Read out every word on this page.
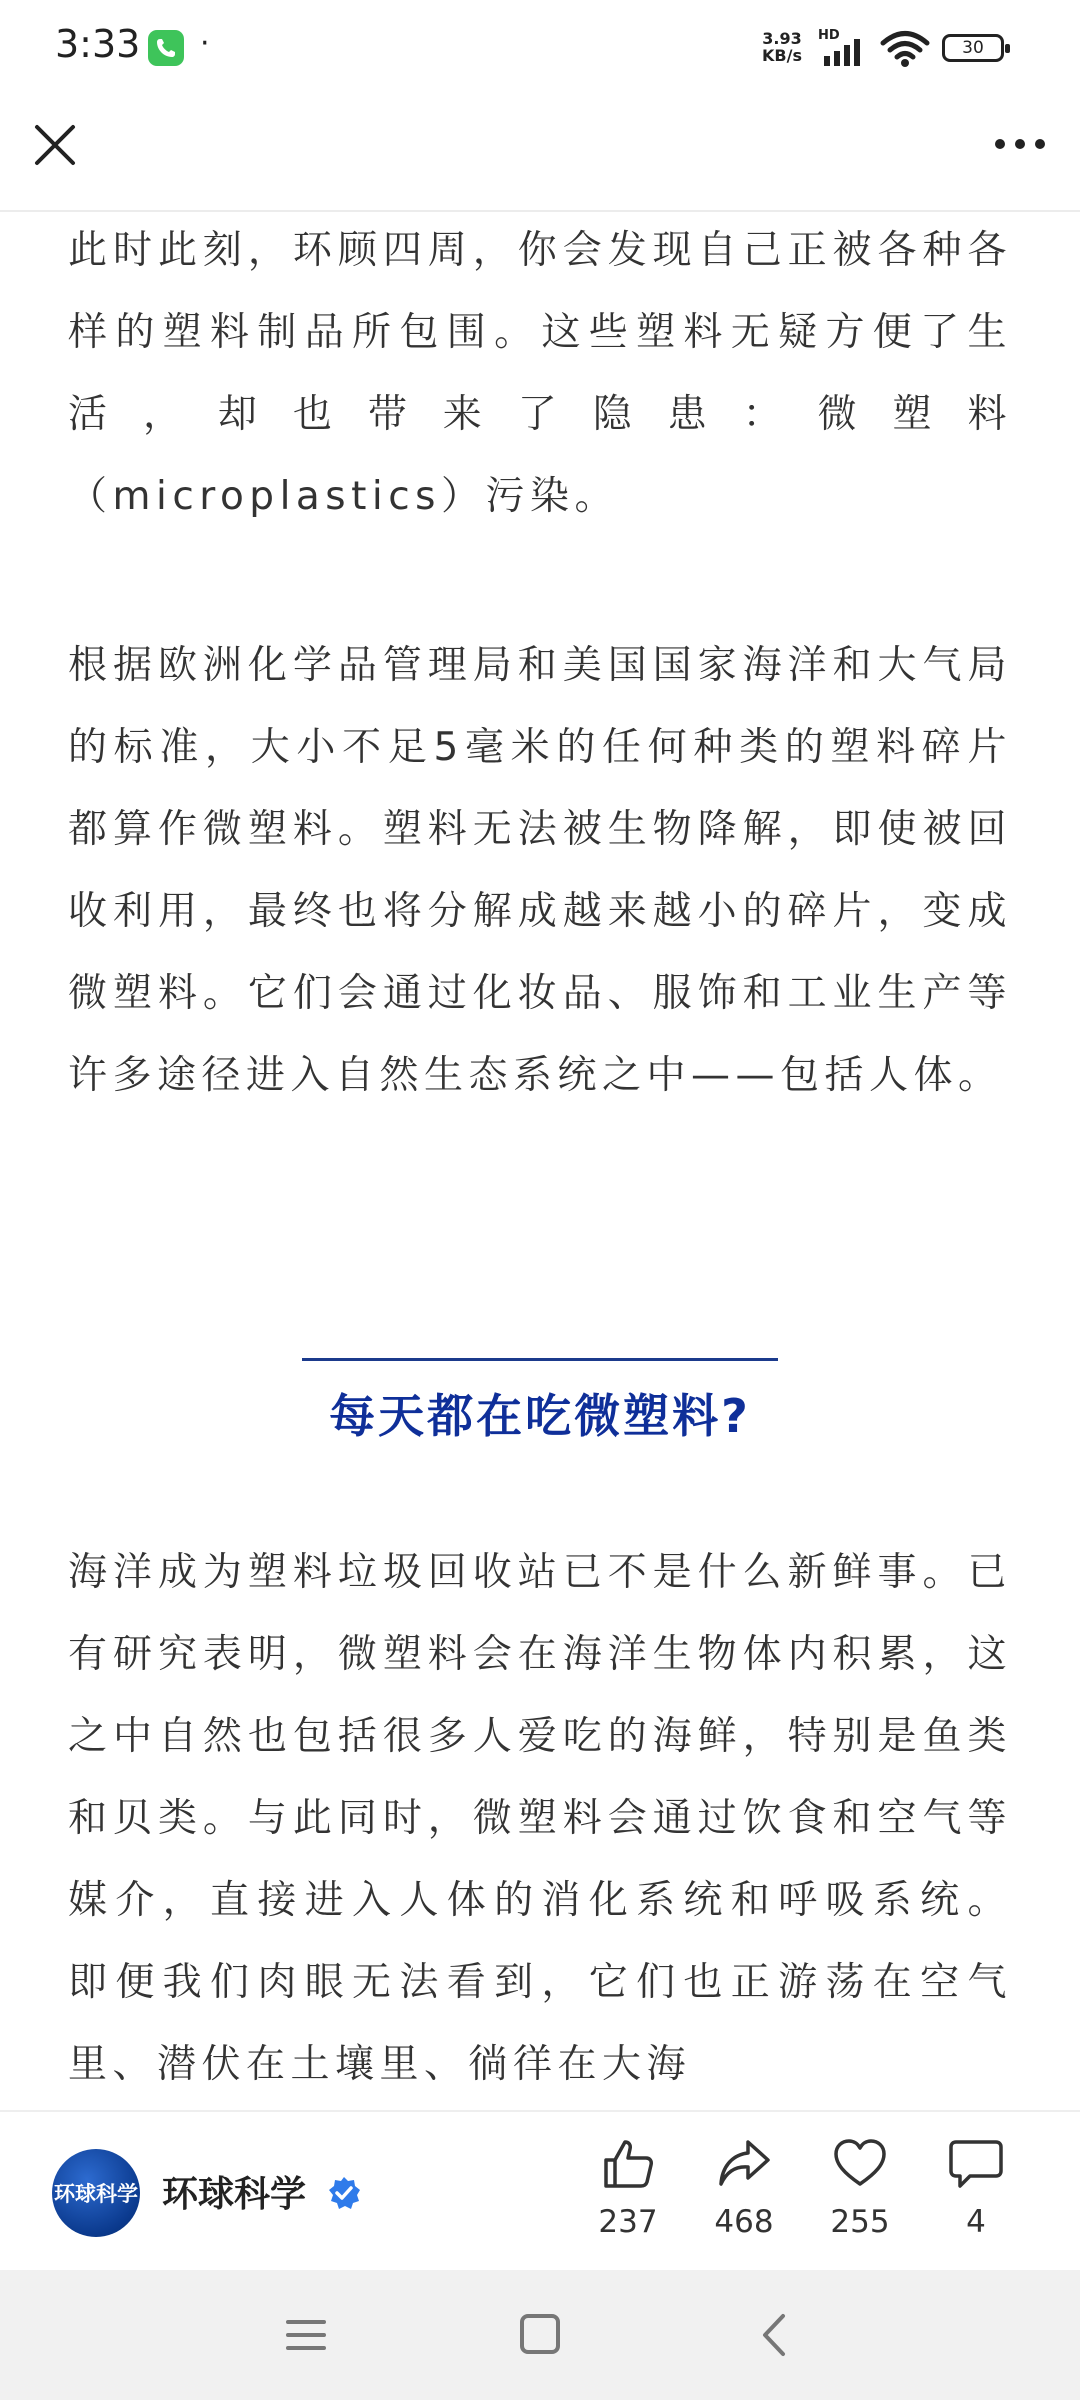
3:33 ·	3.93
KB/s
HD
30

此时此刻，环顾四周，你会发现自己正被各种各样的塑料制品所包围。这些塑料无疑方便了生活，却也带来了隐患：微塑料（microplastics）污染。

根据欧洲化学品管理局和美国国家海洋和大气局的标准，大小不足5毫米的任何种类的塑料碎片都算作微塑料。塑料无法被生物降解，即使被回收利用，最终也将分解成越来越小的碎片，变成微塑料。它们会通过化妆品、服饰和工业生产等许多途径进入自然生态系统之中——包括人体。

每天都在吃微塑料?

海洋成为塑料垃圾回收站已不是什么新鲜事。已有研究表明，微塑料会在海洋生物体内积累，这之中自然也包括很多人爱吃的海鲜，特别是鱼类和贝类。与此同时，微塑料会通过饮食和空气等媒介，直接进入人体的消化系统和呼吸系统。 即便我们肉眼无法看到，它们也正游荡在空气里、潜伏在土壤里、徜徉在大海

环球科学 环球科学
237	468	255	4
